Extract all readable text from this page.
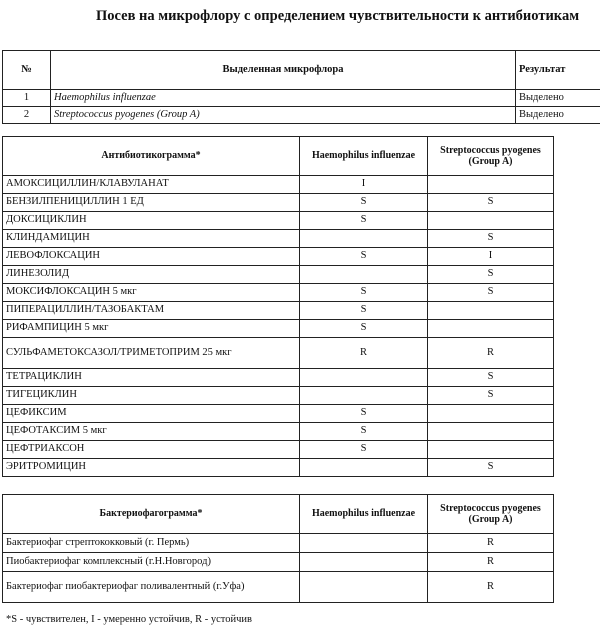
Посев на микрофлору с определением чувствительности к антибиотикам
№	Выделенная микрофлора	Результат
1	Haemophilus influenzae	Выделено
2	Streptococcus pyogenes (Group A)	Выделено
Антибиотикограмма*	Haemophilus influenzae	Streptococcus pyogenes (Group A)
АМОКСИЦИЛЛИН/КЛАВУЛАНАТ	I	
БЕНЗИЛПЕНИЦИЛЛИН 1 ЕД	S	S
ДОКСИЦИКЛИН	S	
КЛИНДАМИЦИН		S
ЛЕВОФЛОКСАЦИН	S	I
ЛИНЕЗОЛИД		S
МОКСИФЛОКСАЦИН 5 мкг	S	S
ПИПЕРАЦИЛЛИН/ТАЗОБАКТАМ	S	
РИФАМПИЦИН 5 мкг	S	
СУЛЬФАМЕТОКСАЗОЛ/ТРИМЕТОПРИМ 25 мкг	R	R
ТЕТРАЦИКЛИН		S
ТИГЕЦИКЛИН		S
ЦЕФИКСИМ	S	
ЦЕФОТАКСИМ 5 мкг	S	
ЦЕФТРИАКСОН	S	
ЭРИТРОМИЦИН		S
Бактериофагограмма*	Haemophilus influenzae	Streptococcus pyogenes (Group A)
Бактериофаг стрептококковый (г. Пермь)		R
Пиобактериофаг комплексный (г.Н.Новгород)		R
Бактериофаг пиобактериофаг поливалентный (г.Уфа)		R
*S - чувствителен, I - умеренно устойчив, R - устойчив
